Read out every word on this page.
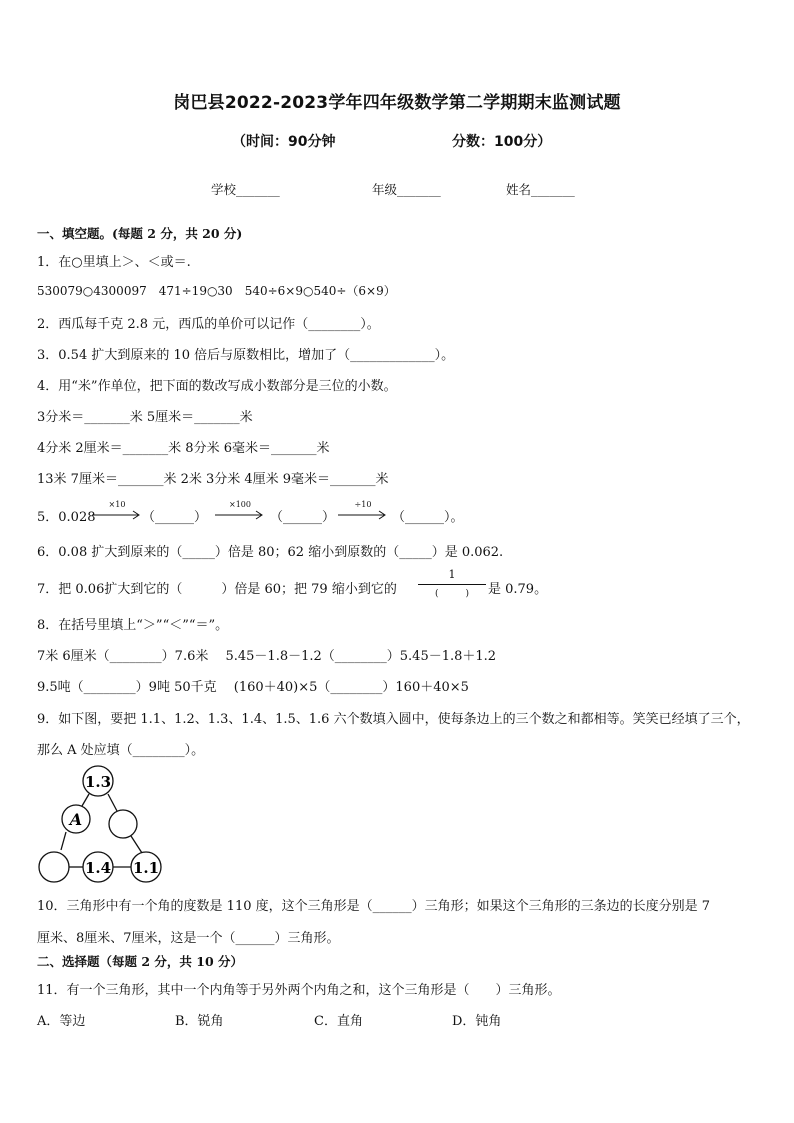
岗巴县2022-2023学年四年级数学第二学期期末监测试题
（时间：90分钟	分数：100分）
学校_______	年级_______	姓名_______
一、填空题。(每题 2 分，共 20 分)
1．在○里填上＞、＜或＝.
530079○4300097　471÷19○30　540÷6×9○540÷（6×9）
2．西瓜每千克 2.8 元，西瓜的单价可以记作（________）。
3．0.54 扩大到原来的 10 倍后与原数相比，增加了（_____________）。
4．用“米”作单位，把下面的数改写成小数部分是三位的小数。
3分米＝_______米 5厘米＝_______米
4分米 2厘米＝_______米 8分米 6毫米＝_______米
13米 7厘米＝_______米 2米 3分米 4厘米 9毫米＝_______米
5．0.028
×10
（______）
×100
（______）
÷10
（______）。
6．0.08 扩大到原来的（_____）倍是 80；62 缩小到原数的（_____）是 0.062.
7．把 0.06扩大到它的（　　　）倍是 60；把 79 缩小到它的
1
(　　　)	是 0.79。
8．在括号里填上“＞”“＜”“＝”。
7米 6厘米（________）7.6米　 5.45－1.8－1.2（________）5.45－1.8＋1.2
9.5吨（________）9吨 50千克　 (160＋40)×5（________）160＋40×5
9．如下图，要把 1.1、1.2、1.3、1.4、1.5、1.6 六个数填入圆中，使每条边上的三个数之和都相等。笑笑已经填了三个，
那么 A 处应填（________）。
1.3
A
1.4 1.1
10．三角形中有一个角的度数是 110 度，这个三角形是（______）三角形；如果这个三角形的三条边的长度分别是 7
厘米、8厘米、7厘米，这是一个（______）三角形。
二、选择题（每题 2 分，共 10 分）
11．有一个三角形，其中一个内角等于另外两个内角之和，这个三角形是（　　）三角形。
A．等边	B．锐角	C．直角	D．钝角
